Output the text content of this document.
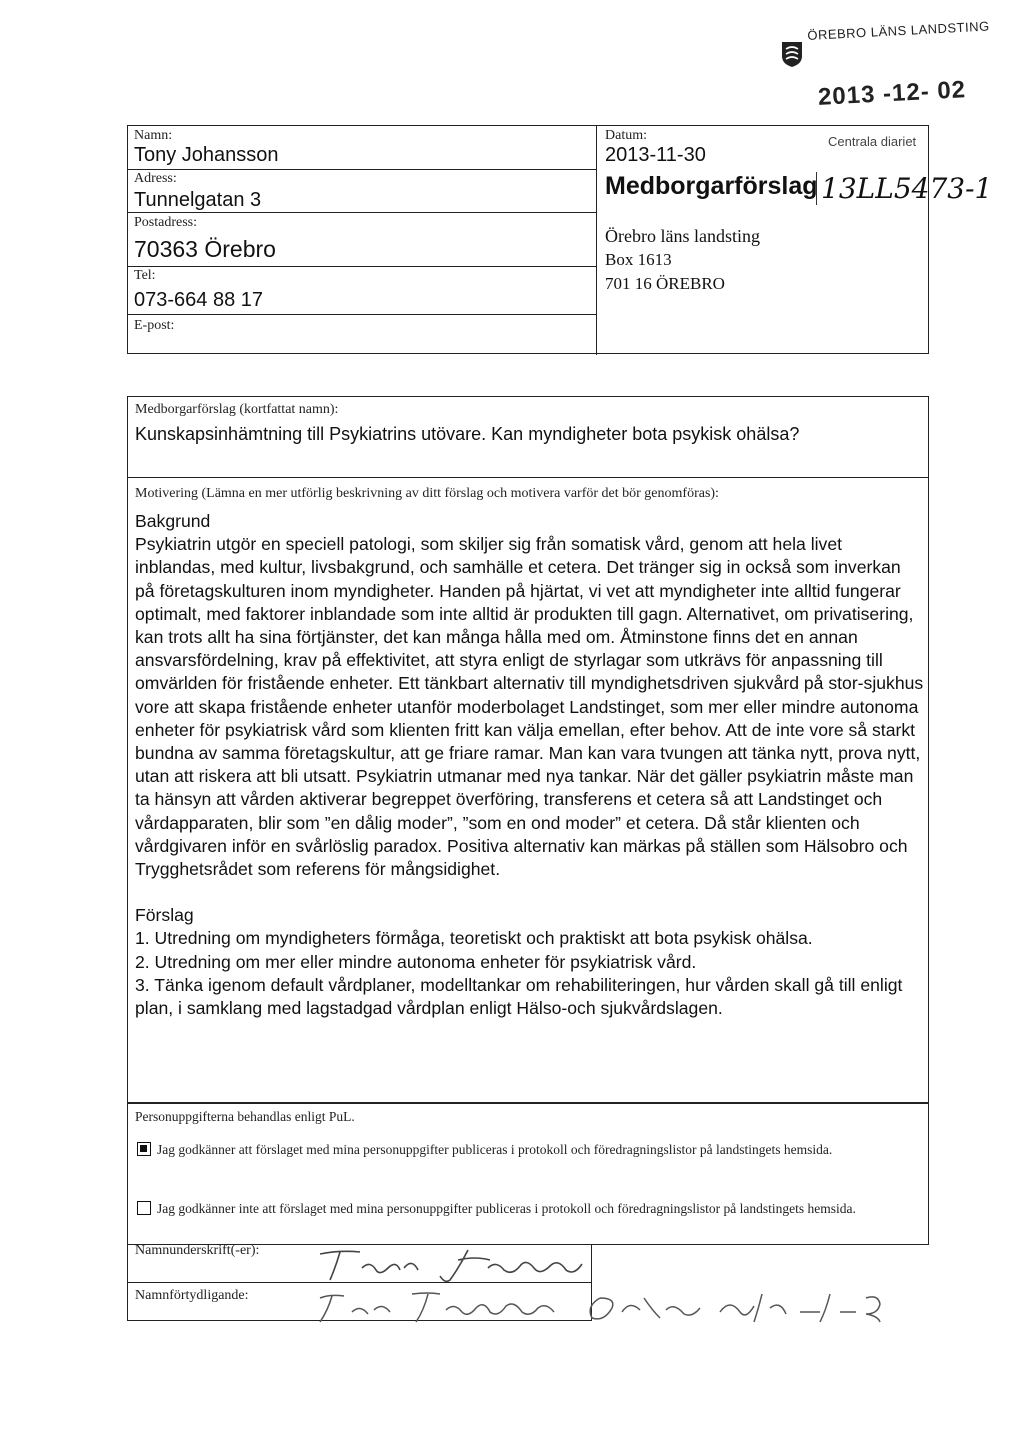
ÖREBRO LÄNS LANDSTING
2013 -12- 02
Namn:
Tony Johansson
Adress:
Tunnelgatan 3
Postadress:
70363 Örebro
Tel:
073-664 88 17
E-post:
Datum:
2013-11-30
Centrala diariet
Medborgarförslag 13LL5473-1
Örebro läns landsting
Box 1613
701 16 ÖREBRO
Medborgarförslag (kortfattat namn):
Kunskapsinhämtning till Psykiatrins utövare. Kan myndigheter bota psykisk ohälsa?
Motivering (Lämna en mer utförlig beskrivning av ditt förslag och motivera varför det bör genomföras):

Bakgrund

Psykiatrin utgör en speciell patologi, som skiljer sig från somatisk vård, genom att hela livet inblandas, med kultur, livsbakgrund, och samhälle et cetera. Det tränger sig in också som inverkan på företagskulturen inom myndigheter. Handen på hjärtat, vi vet att myndigheter inte alltid fungerar optimalt, med faktorer inblandade som inte alltid är produkten till gagn. Alternativet, om privatisering, kan trots allt ha sina förtjänster, det kan många hålla med om. Åtminstone finns det en annan ansvarsfördelning, krav på effektivitet, att styra enligt de styrlagar som utkrävs för anpassning till omvärlden för fristående enheter. Ett tänkbart alternativ till myndighetsdriven sjukvård på stor-sjukhus vore att skapa fristående enheter utanför moderbolaget Landstinget, som mer eller mindre autonoma enheter för psykiatrisk vård som klienten fritt kan välja emellan, efter behov. Att de inte vore så starkt bundna av samma företagskultur, att ge friare ramar. Man kan vara tvungen att tänka nytt, prova nytt, utan att riskera att bli utsatt. Psykiatrin utmanar med nya tankar. När det gäller psykiatrin måste man ta hänsyn att vården aktiverar begreppet överföring, transferens et cetera så att Landstinget och vårdapparaten, blir som ”en dålig moder”, ”som en ond moder” et cetera. Då står klienten och vårdgivaren inför en svårlöslig paradox. Positiva alternativ kan märkas på ställen som Hälsobro och Trygghetsrådet som referens för mångsidighet.

Förslag

1. Utredning om myndigheters förmåga, teoretiskt och praktiskt att bota psykisk ohälsa.

2. Utredning om mer eller mindre autonoma enheter för psykiatrisk vård.

3. Tänka igenom default vårdplaner, modelltankar om rehabiliteringen, hur vården skall gå till enligt plan, i samklang med lagstadgad vårdplan enligt Hälso-och sjukvårdslagen.

Personuppgifterna behandlas enligt PuL.
Jag godkänner att förslaget med mina personuppgifter publiceras i protokoll och föredragningslistor på landstingets hemsida.
Jag godkänner inte att förslaget med mina personuppgifter publiceras i protokoll och föredragningslistor på landstingets hemsida.
Namnunderskrift(-er):
Namnförtydligande:
